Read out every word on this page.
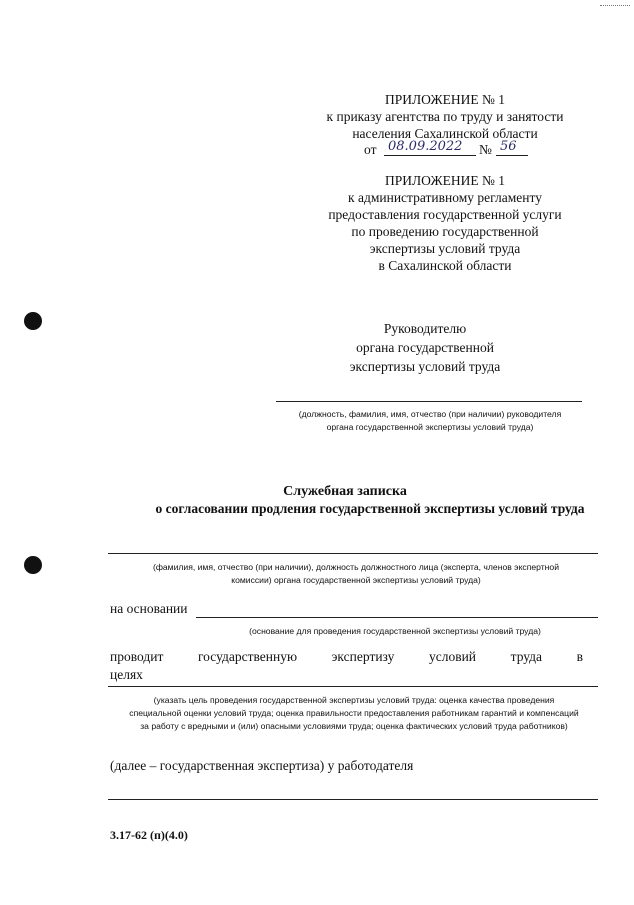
ПРИЛОЖЕНИЕ № 1
к приказу агентства по труду и занятости
населения Сахалинской области
от 08.09.2022 № 56
ПРИЛОЖЕНИЕ № 1
к административному регламенту
предоставления государственной услуги
по проведению государственной
экспертизы условий труда
в Сахалинской области
Руководителю
органа государственной
экспертизы условий труда
(должность, фамилия, имя, отчество (при наличии) руководителя
органа государственной экспертизы условий труда)
Служебная записка
о согласовании продления государственной экспертизы условий труда
(фамилия, имя, отчество (при наличии), должность должностного лица (эксперта, членов экспертной
комиссии) органа государственной экспертизы условий труда)
на основании
(основание для проведения государственной экспертизы условий труда)
проводит	государственную	экспертизу	условий	труда	в
целях
(указать цель проведения государственной экспертизы условий труда: оценка качества проведения
специальной оценки условий труда; оценка правильности предоставления работникам гарантий и компенсаций
за работу с вредными и (или) опасными условиями труда; оценка фактических условий труда работников)
(далее – государственная экспертиза) у работодателя
3.17-62 (п)(4.0)
